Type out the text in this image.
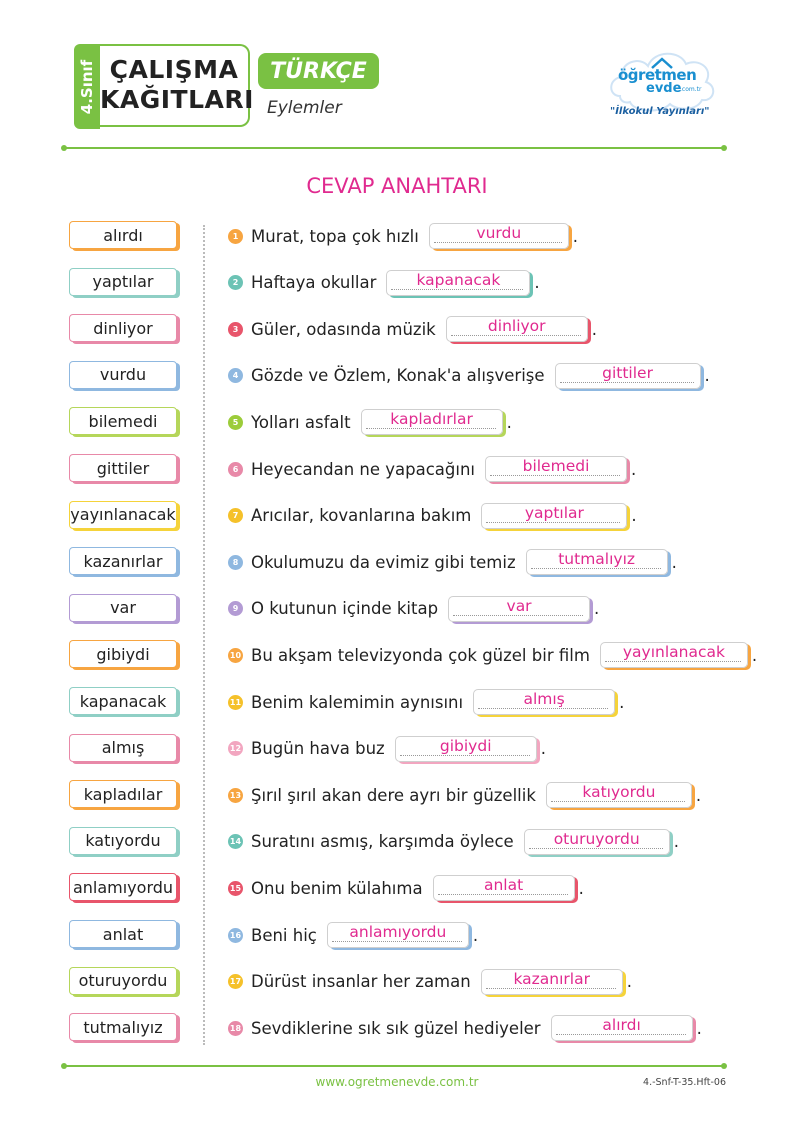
4.Sınıf ÇALIŞMA
KAĞITLARI
TÜRKÇE
Eylemler
öğretmen
evde
.com.tr
"İlkokul Yayınları"
CEVAP ANAHTARI
alırdı
yaptılar
dinliyor
vurdu
bilemedi
gittiler
yayınlanacak
kazanırlar
var
gibiydi
kapanacak
almış
kapladılar
katıyordu
anlamıyordu
anlat
oturuyordu
tutmalıyız
1 Murat, topa çok hızlı	vurdu	.
2 Haftaya okullar	kapanacak	.
3 Güler, odasında müzik	dinliyor	.
4 Gözde ve Özlem, Konak'a alışverişe	gittiler	.
5 Yolları asfalt	kapladırlar	.
6 Heyecandan ne yapacağını	bilemedi	.
7 Arıcılar, kovanlarına bakım	yaptılar	.
8 Okulumuzu da evimiz gibi temiz	tutmalıyız	.
9 O kutunun içinde kitap	var	.
10 Bu akşam televizyonda çok güzel bir film	yayınlanacak	.
11 Benim kalemimin aynısını	almış	.
12 Bugün hava buz	gibiydi	.
13 Şırıl şırıl akan dere ayrı bir güzellik	katıyordu	.
14 Suratını asmış, karşımda öylece	oturuyordu	.
15 Onu benim külahıma	anlat	.
16 Beni hiç	anlamıyordu	.
17 Dürüst insanlar her zaman	kazanırlar	.
18 Sevdiklerine sık sık güzel hediyeler	alırdı	.
www.ogretmenevde.com.tr	4.-Snf-T-35.Hft-06
